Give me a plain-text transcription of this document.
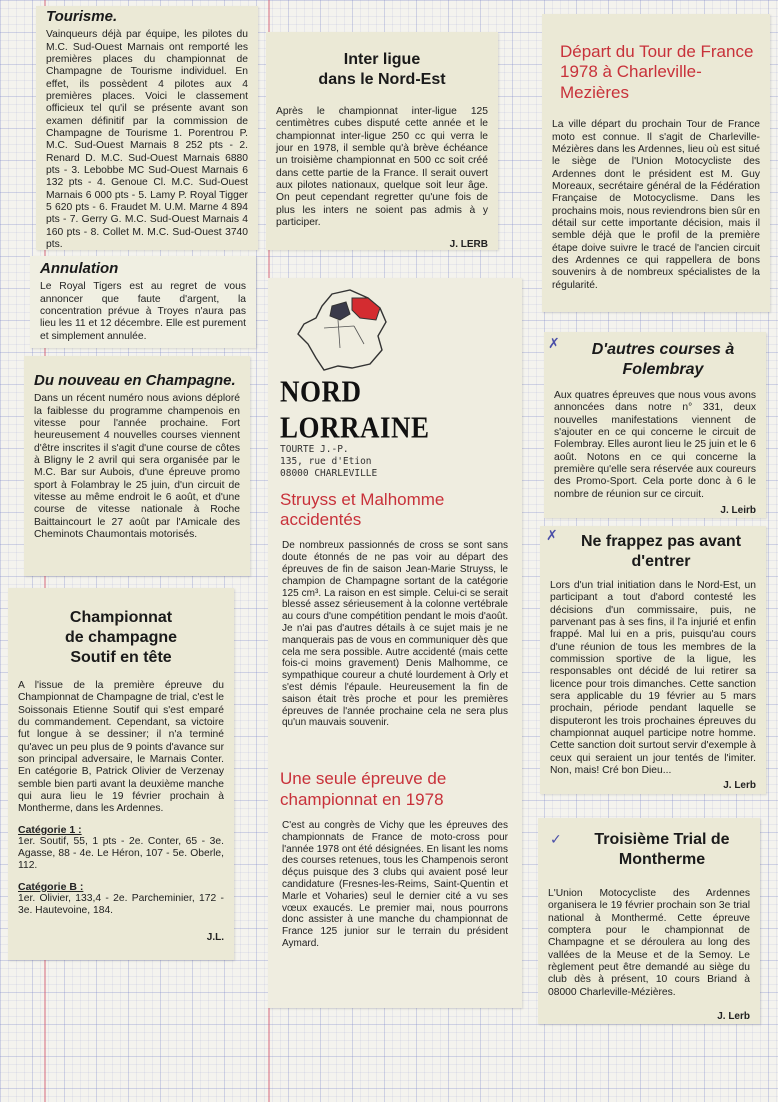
Tourisme.

Vainqueurs déjà par équipe, les pilotes du M.C. Sud-Ouest Marnais ont remporté les premières places du championnat de Champagne de Tourisme individuel. En effet, ils possèdent 4 pilotes aux 4 premières places. Voici le classement officieux tel qu'il se présente avant son examen définitif par la commission de Champagne de Tourisme 1. Porentrou P. M.C. Sud-Ouest Marnais 8 252 pts - 2. Renard D. M.C. Sud-Ouest Marnais 6880 pts - 3. Lebobbe MC Sud-Ouest Marnais 6 132 pts - 4. Genoue Cl. M.C. Sud-Ouest Marnais 6 000 pts - 5. Lamy P. Royal Tigger 5 620 pts - 6. Fraudet M. U.M. Marne 4 894 pts - 7. Gerry G. M.C. Sud-Ouest Marnais 4 160 pts - 8. Collet M. M.C. Sud-Ouest 3740 pts.

Annulation

Le Royal Tigers est au regret de vous annoncer que faute d'argent, la concentration prévue à Troyes n'aura pas lieu les 11 et 12 décembre. Elle est purement et simplement annulée.

Du nouveau en Champagne.

Dans un récent numéro nous avions déploré la faiblesse du programme champenois en vitesse pour l'année prochaine. Fort heureusement 4 nouvelles courses viennent d'être inscrites il s'agit d'une course de côtes à Bligny le 2 avril qui sera organisée par le M.C. Bar sur Aubois, d'une épreuve promo sport à Folambray le 25 juin, d'un circuit de vitesse au même endroit le 6 août, et d'une course de vitesse nationale à Roche Baittaincourt le 27 août par l'Amicale des Cheminots Chaumontais motorisés.

Championnat
de champagne
Soutif en tête

A l'issue de la première épreuve du Championnat de Champagne de trial, c'est le Soissonais Etienne Soutif qui s'est emparé du commandement. Cependant, sa victoire fut longue à se dessiner; il n'a terminé qu'avec un peu plus de 9 points d'avance sur son principal adversaire, le Marnais Conter. En catégorie B, Patrick Olivier de Verzenay semble bien parti avant la deuxième manche qui aura lieu le 19 février prochain à Montherme, dans les Ardennes.

Catégorie 1 :

1er. Soutif, 55, 1 pts - 2e. Conter, 65 - 3e. Agasse, 88 - 4e. Le Héron, 107 - 5e. Oberle, 112.

Catégorie B :

1er. Olivier, 133,4 - 2e. Parcheminier, 172 - 3e. Hautevoine, 184.

J.L.
Inter ligue
dans le Nord-Est

Après le championnat inter-ligue 125 centimètres cubes disputé cette année et le championnat inter-ligue 250 cc qui verra le jour en 1978, il semble qu'à brève échéance un troisième championnat en 500 cc soit créé dans cette partie de la France. Il serait ouvert aux pilotes nationaux, quelque soit leur âge. On peut cependant regretter qu'une fois de plus les inters ne soient pas admis à y participer.

J. LERB
NORD LORRAINE

TOURTE J.-P.

135, rue d'Etion

08000 CHARLEVILLE

Struyss et Malhomme accidentés

De nombreux passionnés de cross se sont sans doute étonnés de ne pas voir au départ des épreuves de fin de saison Jean-Marie Struyss, le champion de Champagne sortant de la catégorie 125 cm³. La raison en est simple. Celui-ci se serait blessé assez sérieusement à la colonne vertébrale au cours d'une compétition pendant le mois d'août. Je n'ai pas d'autres détails à ce sujet mais je ne manquerais pas de vous en communiquer dès que cela me sera possible. Autre accidenté (mais cette fois-ci moins gravement) Denis Malhomme, ce sympathique coureur a chuté lourdement à Orly et s'est démis l'épaule. Heureusement la fin de saison était très proche et pour les premières épreuves de l'année prochaine cela ne sera plus qu'un mauvais souvenir.

Une seule épreuve de championnat en 1978

C'est au congrès de Vichy que les épreuves des championnats de France de moto-cross pour l'année 1978 ont été désignées. En lisant les noms des courses retenues, tous les Champenois seront déçus puisque des 3 clubs qui avaient posé leur candidature (Fresnes-les-Reims, Saint-Quentin et Marle et Voharies) seul le dernier cité a vu ses vœux exaucés. Le premier mai, nous pourrons donc assister à une manche du championnat de France 125 junior sur le terrain du président Aymard.

Départ du Tour de France 1978 à Charleville-Mezières

La ville départ du prochain Tour de France moto est connue. Il s'agit de Charleville-Mézières dans les Ardennes, lieu où est situé le siège de l'Union Motocycliste des Ardennes dont le président est M. Guy Moreaux, secrétaire général de la Fédération Française de Motocyclisme. Dans les prochains mois, nous reviendrons bien sûr en détail sur cette importante décision, mais il semble déjà que le profil de la première étape doive suivre le tracé de l'ancien circuit des Ardennes ce qui rappellera de bons souvenirs à de nombreux spécialistes de la régularité.

✗	D'autres courses à Folembray

Aux quatres épreuves que nous vous avons annoncées dans notre n° 331, deux nouvelles manifestations viennent de s'ajouter en ce qui concerne le circuit de Folembray. Elles auront lieu le 25 juin et le 6 août. Notons en ce qui concerne la première qu'elle sera réservée aux coureurs des Promo-Sport. Cela porte donc à 6 le nombre de réunion sur ce circuit.

J. Leirb
✗ Ne frappez pas avant d'entrer

Lors d'un trial initiation dans le Nord-Est, un participant a tout d'abord contesté les décisions d'un commissaire, puis, ne parvenant pas à ses fins, il l'a injurié et enfin frappé. Mal lui en a pris, puisqu'au cours d'une réunion de tous les membres de la commission sportive de la ligue, les responsables ont décidé de lui retirer sa licence pour trois dimanches. Cette sanction sera applicable du 19 février au 5 mars prochain, période pendant laquelle se disputeront les trois prochaines épreuves du championnat auquel participe notre homme. Cette sanction doit surtout servir d'exemple à ceux qui seraient un jour tentés de l'imiter. Non, mais! Cré bon Dieu...

J. Lerb
✓	Troisième Trial de Montherme

L'Union Motocycliste des Ardennes organisera le 19 février prochain son 3e trial national à Monthermé. Cette épreuve comptera pour le championnat de Champagne et se déroulera au long des vallées de la Meuse et de la Semoy. Le règlement peut être demandé au siège du club dès à présent, 10 cours Briand à 08000 Charleville-Mézières.

J. Lerb
